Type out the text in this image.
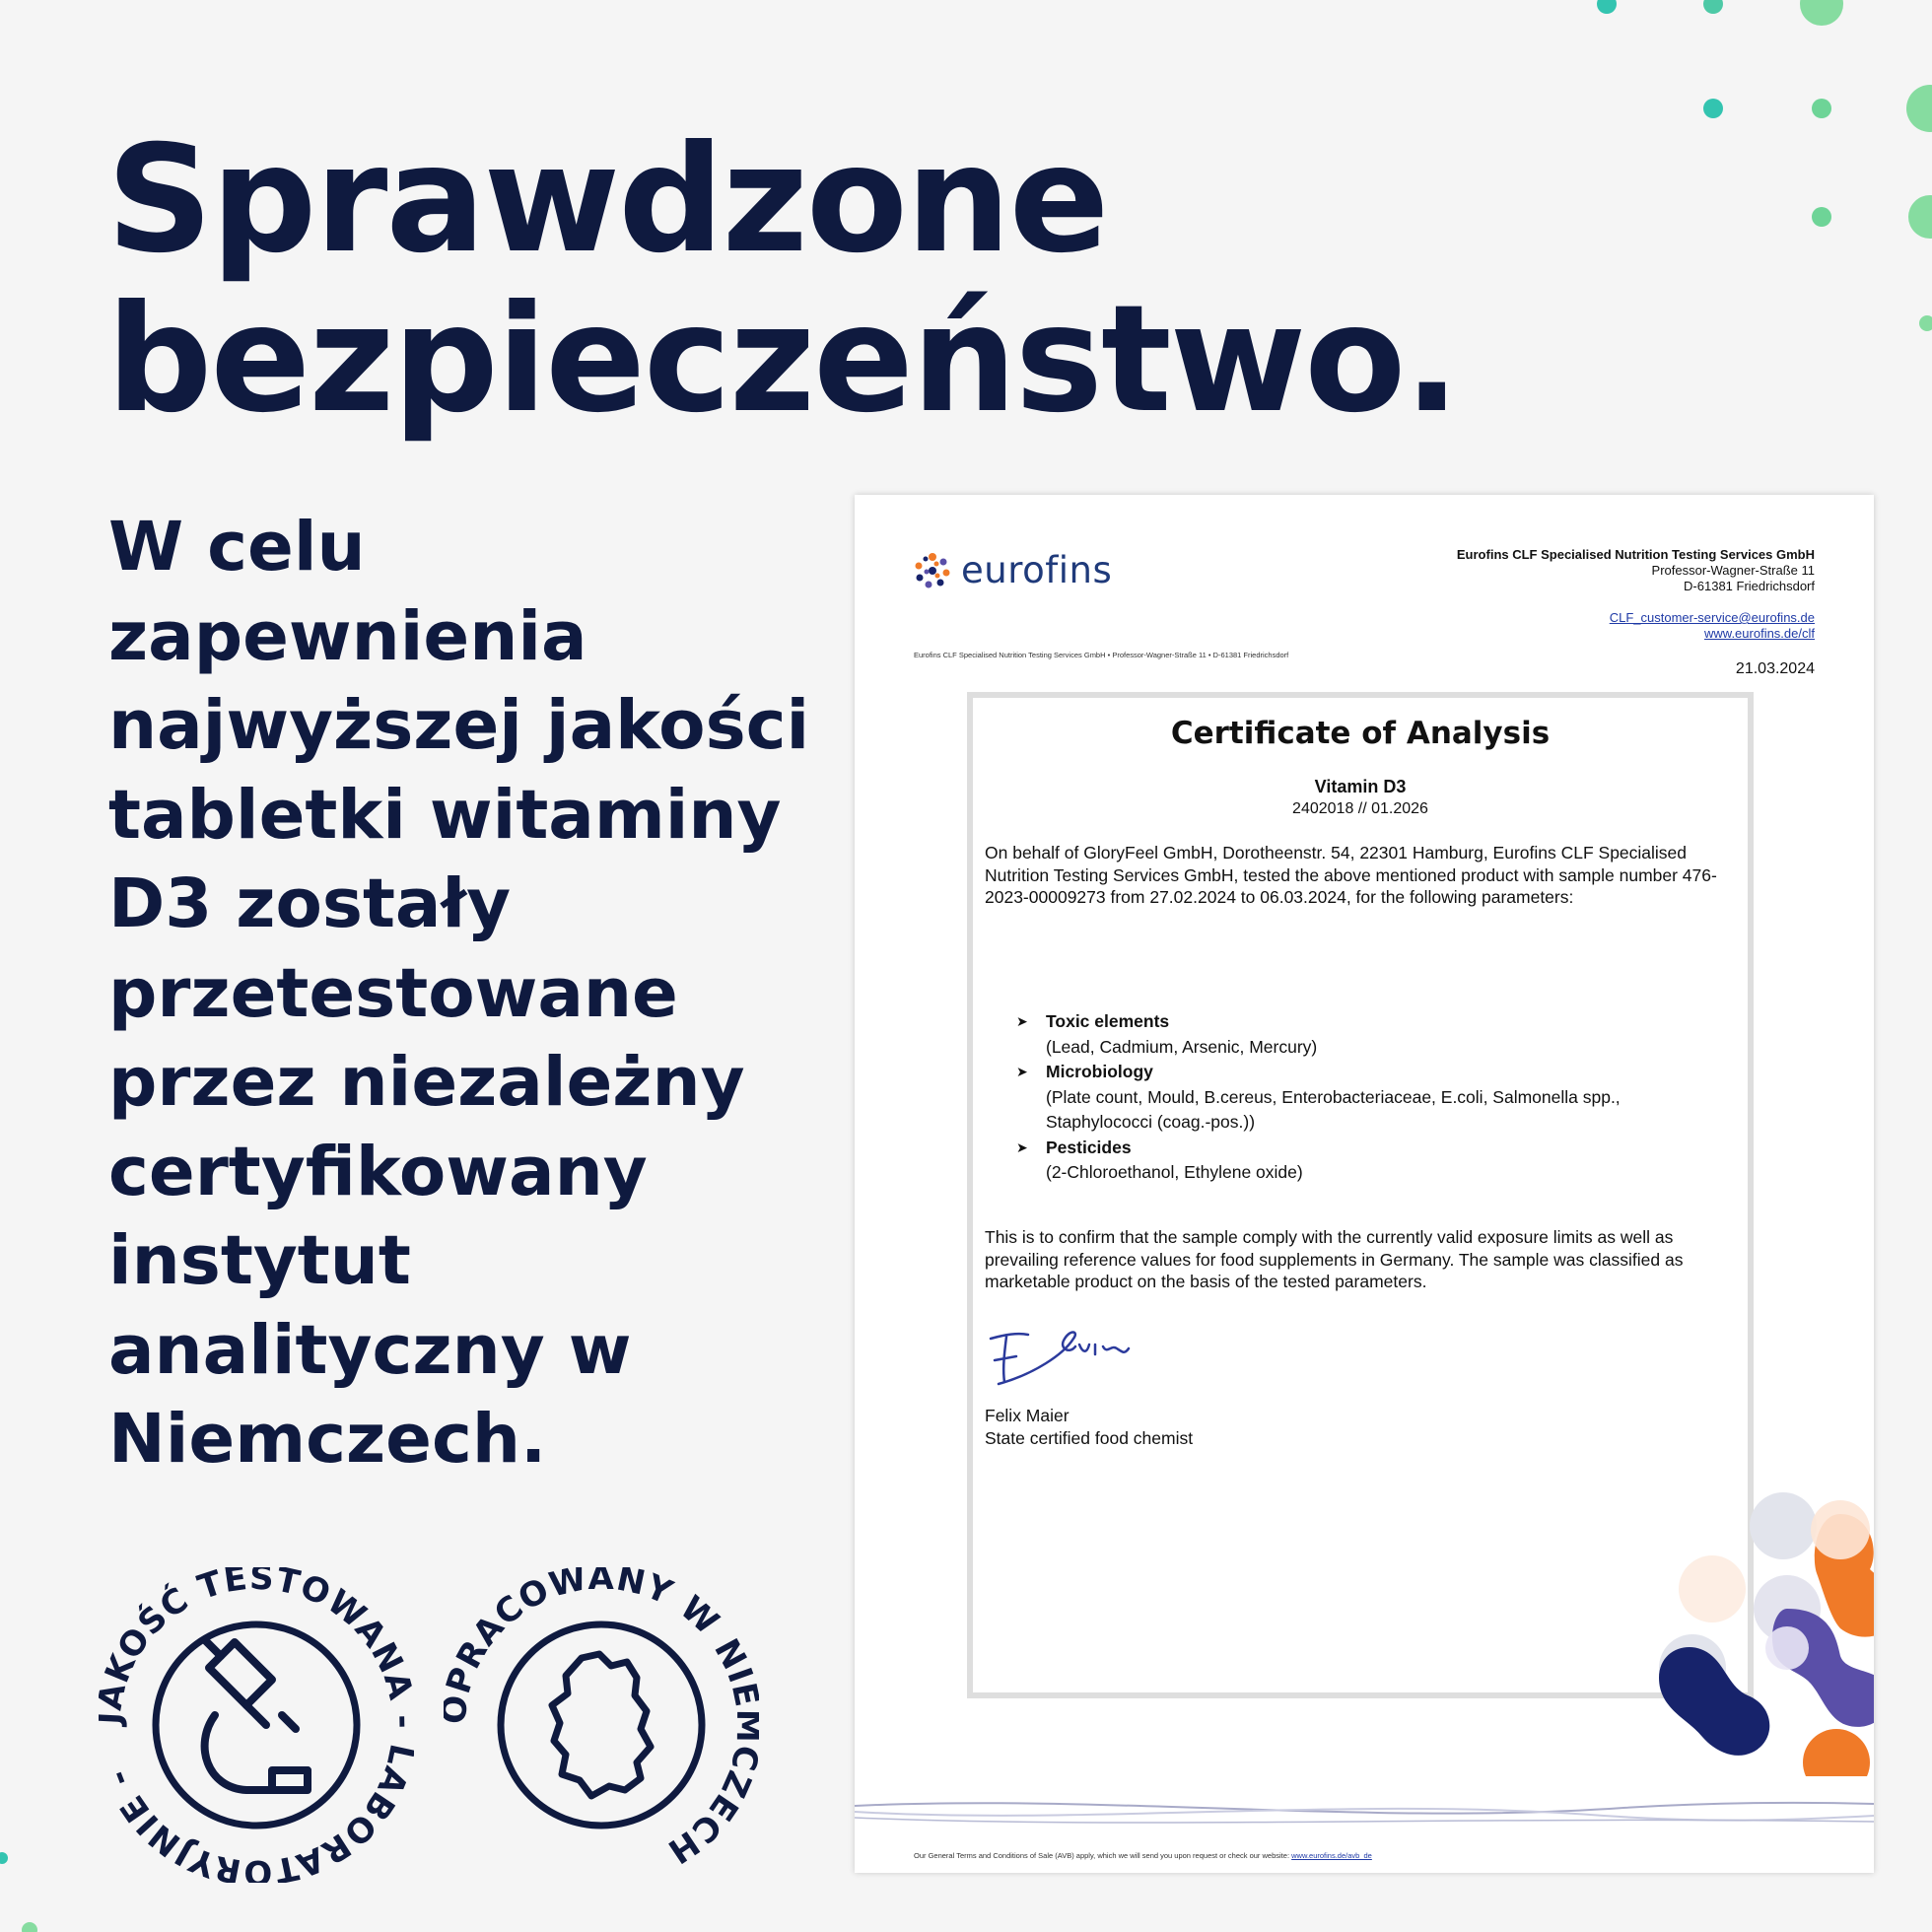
Sprawdzone
bezpieczeństwo.
W celu
zapewnienia
najwyższej jakości
tabletki witaminy
D3 zostały
przetestowane
przez niezależny
certyfikowany
instytut
analityczny w
Niemczech.
KOŚĆ TESTOWAN ABORATORYJNIE -
RACOWANY W NI ZECH
eurofins	Eurofins CLF Specialised Nutrition Testing Services GmbH
Professor-Wagner-Straße 11
D-61381 Friedrichsdorf
CLF_customer-service@eurofins.de
www.eurofins.de/clf
Eurofins CLF Specialised Nutrition Testing Services GmbH • Professor-Wagner-Straße 11 • D-61381 Friedrichsdorf
21.03.2024
Certificate of Analysis
Vitamin D3
2402018 // 01.2026
On behalf of GloryFeel GmbH, Dorotheenstr. 54, 22301 Hamburg, Eurofins CLF Specialised Nutrition Testing Services GmbH, tested the above mentioned product with sample number 476-2023-00009273 from 27.02.2024 to 06.03.2024, for the following parameters:
➤	Toxic elements
(Lead, Cadmium, Arsenic, Mercury)
➤	Microbiology
(Plate count, Mould, B.cereus, Enterobacteriaceae, E.coli, Salmonella spp., Staphylococci (coag.-pos.))
➤	Pesticides
(2-Chloroethanol, Ethylene oxide)
This is to confirm that the sample comply with the currently valid exposure limits as well as prevailing reference values for food supplements in Germany. The sample was classified as marketable product on the basis of the tested parameters.
Felix Maier
State certified food chemist
Our General Terms and Conditions of Sale (AVB) apply, which we will send you upon request or check our website: www.eurofins.de/avb_de
